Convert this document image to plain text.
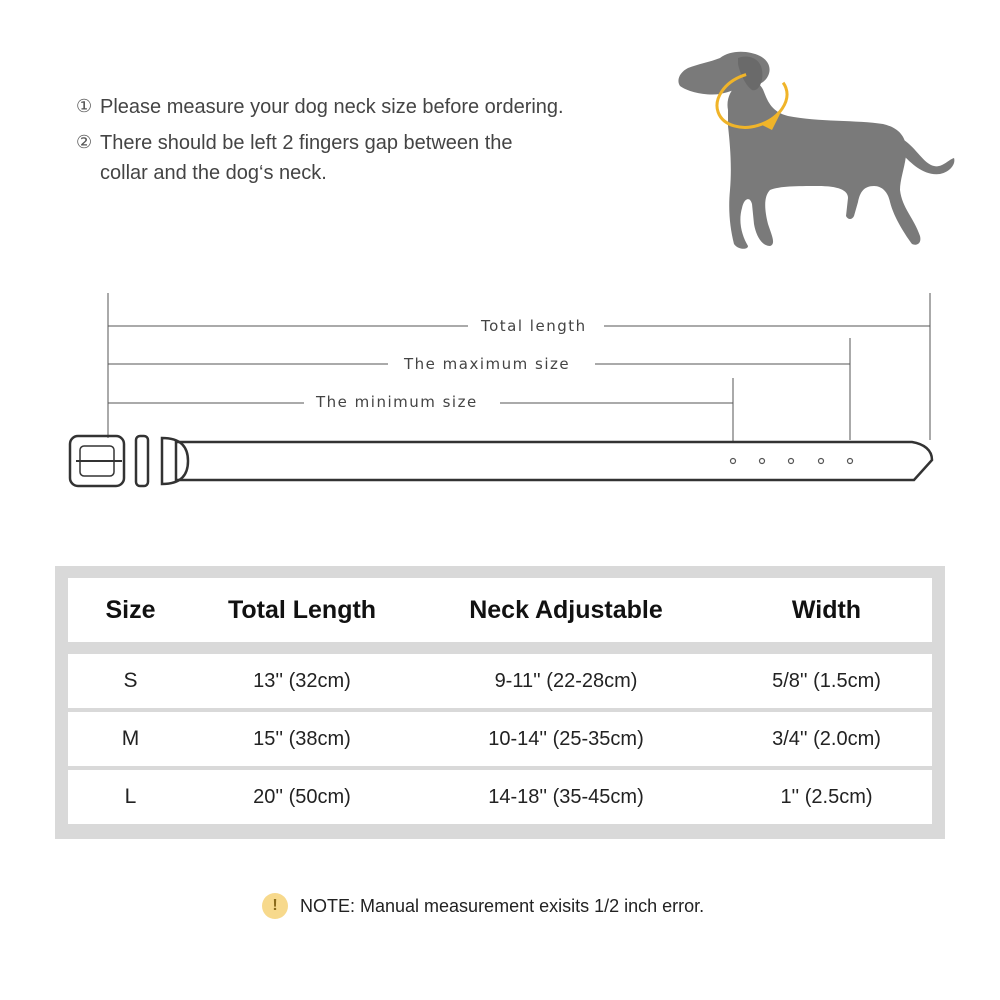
① Please measure your dog neck size before ordering.
② There should be left 2 fingers gap between the
collar and the dog‘s neck.
Total length
The maximum size
The minimum size
Size	Total Length	Neck Adjustable	Width
S	13'' (32cm)	9-11'' (22-28cm)	5/8'' (1.5cm)
M	15'' (38cm)	10-14'' (25-35cm)	3/4'' (2.0cm)
L	20'' (50cm)	14-18'' (35-45cm)	1'' (2.5cm)
!	NOTE: Manual measurement exisits 1/2 inch error.
